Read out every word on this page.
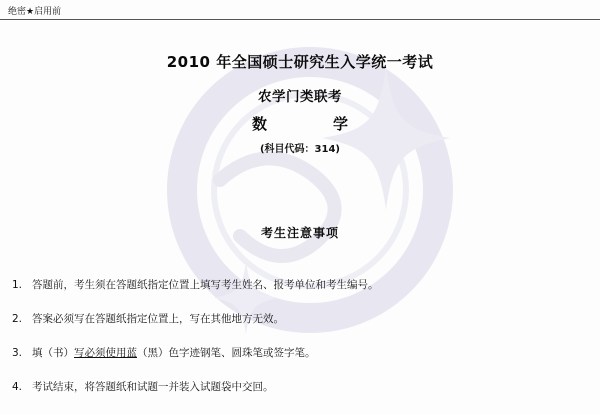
绝密★启用前
2010 年全国硕士研究生入学统一考试
农学门类联考
数　　学
(科目代码：314)
考生注意事项
1. 答题前，考生须在答题纸指定位置上填写考生姓名、报考单位和考生编号。
2. 答案必须写在答题纸指定位置上，写在其他地方无效。
3. 填（书）写必须使用蓝（黑）色字迹钢笔、圆珠笔或签字笔。
4. 考试结束，将答题纸和试题一并装入试题袋中交回。
